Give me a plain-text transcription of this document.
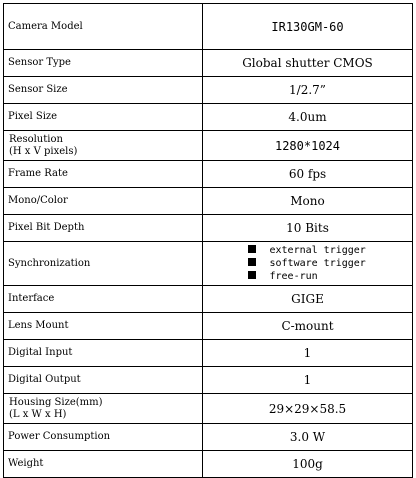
Camera Model	IR130GM-60
Sensor Type	Global shutter CMOS
Sensor Size	1/2.7”
Pixel Size	4.0um

Resolution
(H x V pixels)	1280*1024
Frame Rate	60 fps
Mono/Color	Mono
Pixel Bit Depth	10 Bits
Synchronization	external trigger
software trigger
free-run

Interface	GIGE
Lens Mount	C-mount
Digital Input	1
Digital Output	1

Housing Size(mm)
(L x W x H)	29×29×58.5
Power Consumption	3.0 W
Weight	100g
